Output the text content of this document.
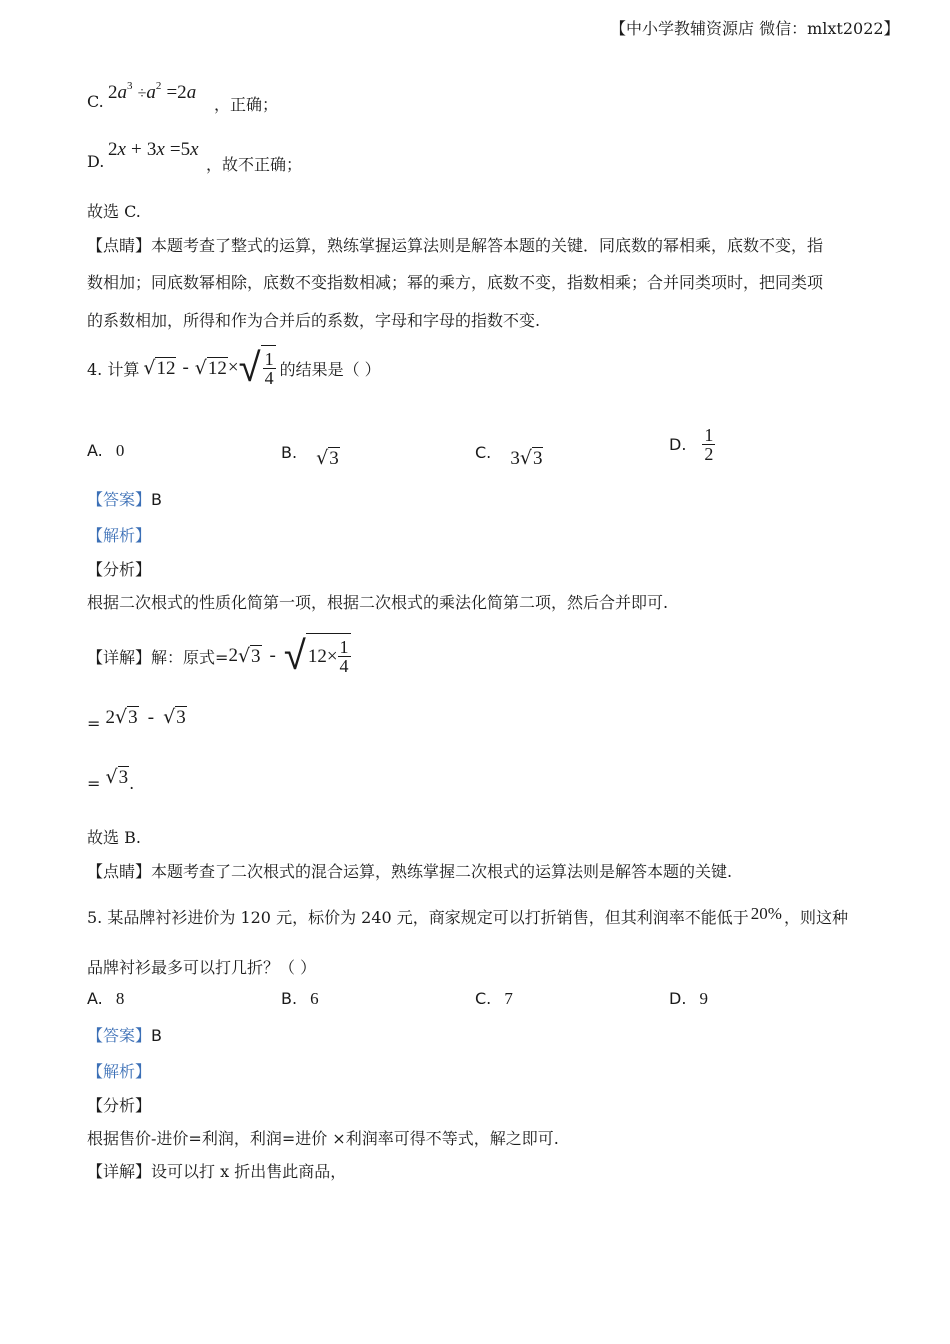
【中小学教辅资源店 微信：mlxt2022】
C. $2a^3 \div a^2 =2a$
，正确；
D.
2x + 3x =5x
，故不正确；
故选 C.
【点睛】本题考查了整式的运算，熟练掌握运算法则是解答本题的关键．同底数的幂相乘，底数不变，指
数相加；同底数幂相除，底数不变指数相减；幂的乘方，底数不变，指数相乘；合并同类项时，把同类项
的系数相加，所得和作为合并后的系数，字母和字母的指数不变.
4. 计算 √12 - √12 × √ $\frac{1}{4}$ 的结果是（ ）
A. 0	B. √3	C. 3√3
D. $\frac{1}{2}$
【答案】B
【解析】
【分析】
根据二次根式的性质化简第一项，根据二次根式的乘法化简第二项，然后合并即可.
【详解】 解：原式= 2 √3 - √ $12 \times \frac{1}{4}$
= 2√3 - √3
= √3.
故选 B.
【点睛】本题考查了二次根式的混合运算，熟练掌握二次根式的运算法则是解答本题的关键.
5. 某品牌衬衫进价为 120 元，标价为 240 元，商家规定可以打折销售，但其利润率不能低于 20% ，则这种
品牌衬衫最多可以打几折？（ ）
A. 8	B. 6	C. 7	D. 9
【答案】B
【解析】
【分析】
根据售价-进价=利润，利润=进价 ×利润率可得不等式，解之即可.
【详解】设可以打 x 折出售此商品，
